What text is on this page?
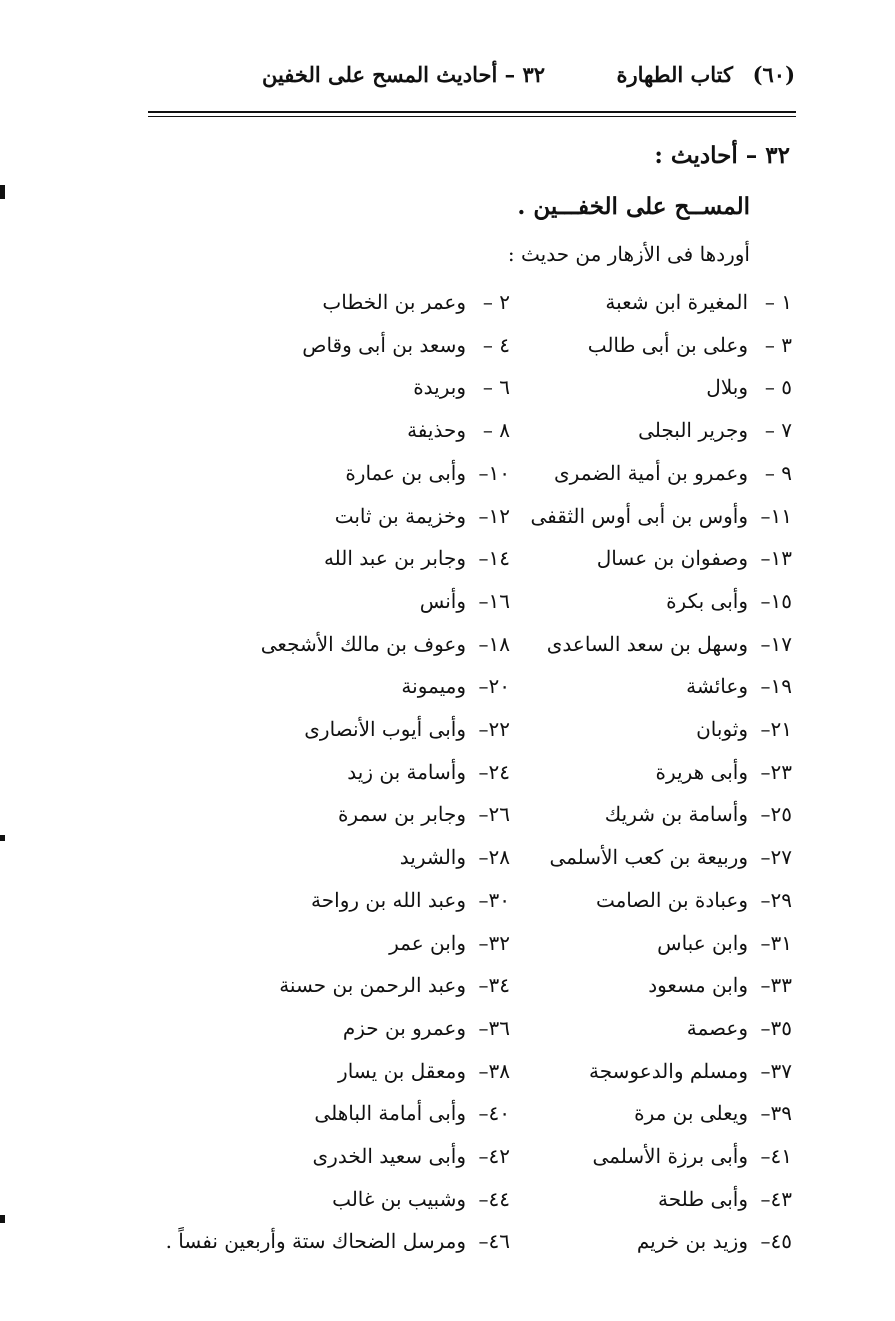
(٦٠)
كتاب الطهارة
٣٢ – أحاديث المسح على الخفين
٣٢ – أحاديث :
المســح على الخفـــين .
أوردها فى الأزهار من حديث :
١ –
المغيرة ابن شعبة
٢ –
وعمر بن الخطاب
٣ –
وعلى بن أبى طالب
٤ –
وسعد بن أبى وقاص
٥ –
وبلال
٦ –
وبريدة
٧ –
وجرير البجلى
٨ –
وحذيفة
٩ –
وعمرو بن أمية الضمرى
١٠–
وأبى بن عمارة
١١–
وأوس بن أبى أوس الثقفى
١٢–
وخزيمة بن ثابت
١٣–
وصفوان بن عسال
١٤–
وجابر بن عبد الله
١٥–
وأبى بكرة
١٦–
وأنس
١٧–
وسهل بن سعد الساعدى
١٨–
وعوف بن مالك الأشجعى
١٩–
وعائشة
٢٠–
وميمونة
٢١–
وثوبان
٢٢–
وأبى أيوب الأنصارى
٢٣–
وأبى هريرة
٢٤–
وأسامة بن زيد
٢٥–
وأسامة بن شريك
٢٦–
وجابر بن سمرة
٢٧–
وربيعة بن كعب الأسلمى
٢٨–
والشريد
٢٩–
وعبادة بن الصامت
٣٠–
وعبد الله بن رواحة
٣١–
وابن عباس
٣٢–
وابن عمر
٣٣–
وابن مسعود
٣٤–
وعبد الرحمن بن حسنة
٣٥–
وعصمة
٣٦–
وعمرو بن حزم
٣٧–
ومسلم والدعوسجة
٣٨–
ومعقل بن يسار
٣٩–
ويعلى بن مرة
٤٠–
وأبى أمامة الباهلى
٤١–
وأبى برزة الأسلمى
٤٢–
وأبى سعيد الخدرى
٤٣–
وأبى طلحة
٤٤–
وشبيب بن غالب
٤٥–
وزيد بن خريم
٤٦–
ومرسل الضحاك ستة وأربعين نفساً .
